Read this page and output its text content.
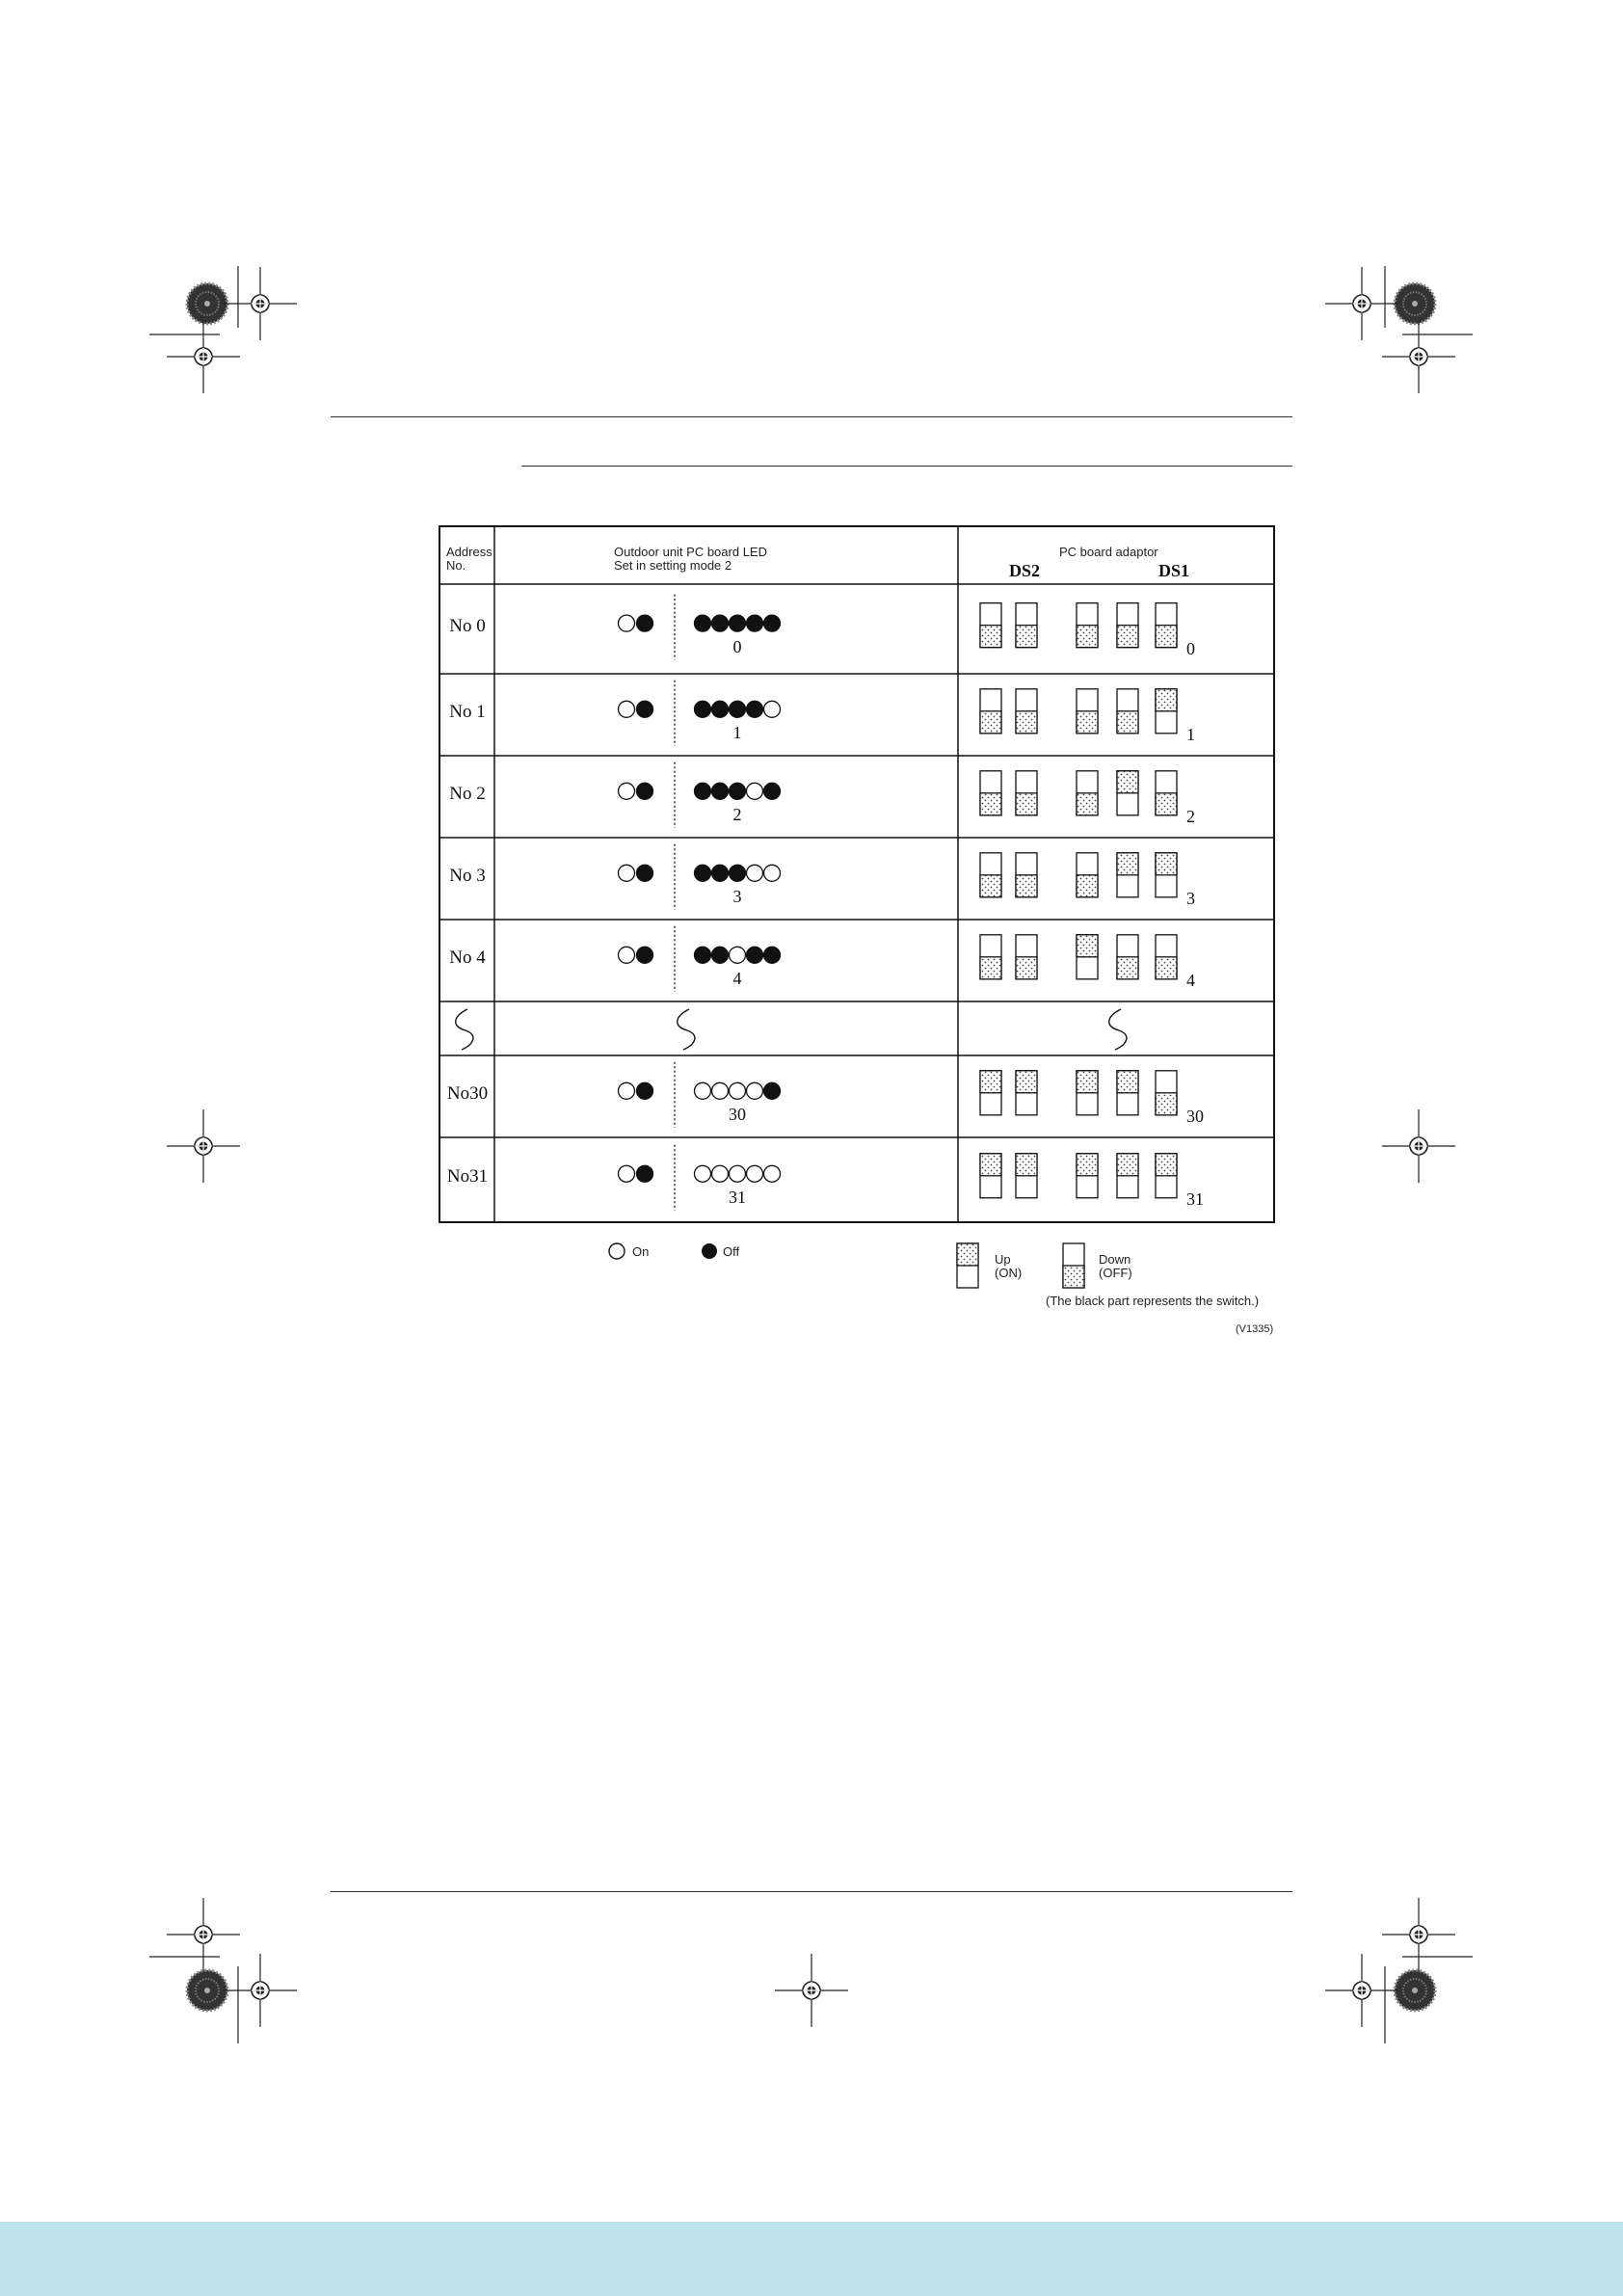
Address
No.
Outdoor unit PC board LED
Set in setting mode 2
PC board adaptor
DS2	DS1
No 0
0	0
No 1
1	1
No 2
2	2
No 3
3	3
No 4
4	4
No30
30	30
No31
31	31
On	Off
Up
(ON)
Down
(OFF)
(The black part represents the switch.)
(V1335)
